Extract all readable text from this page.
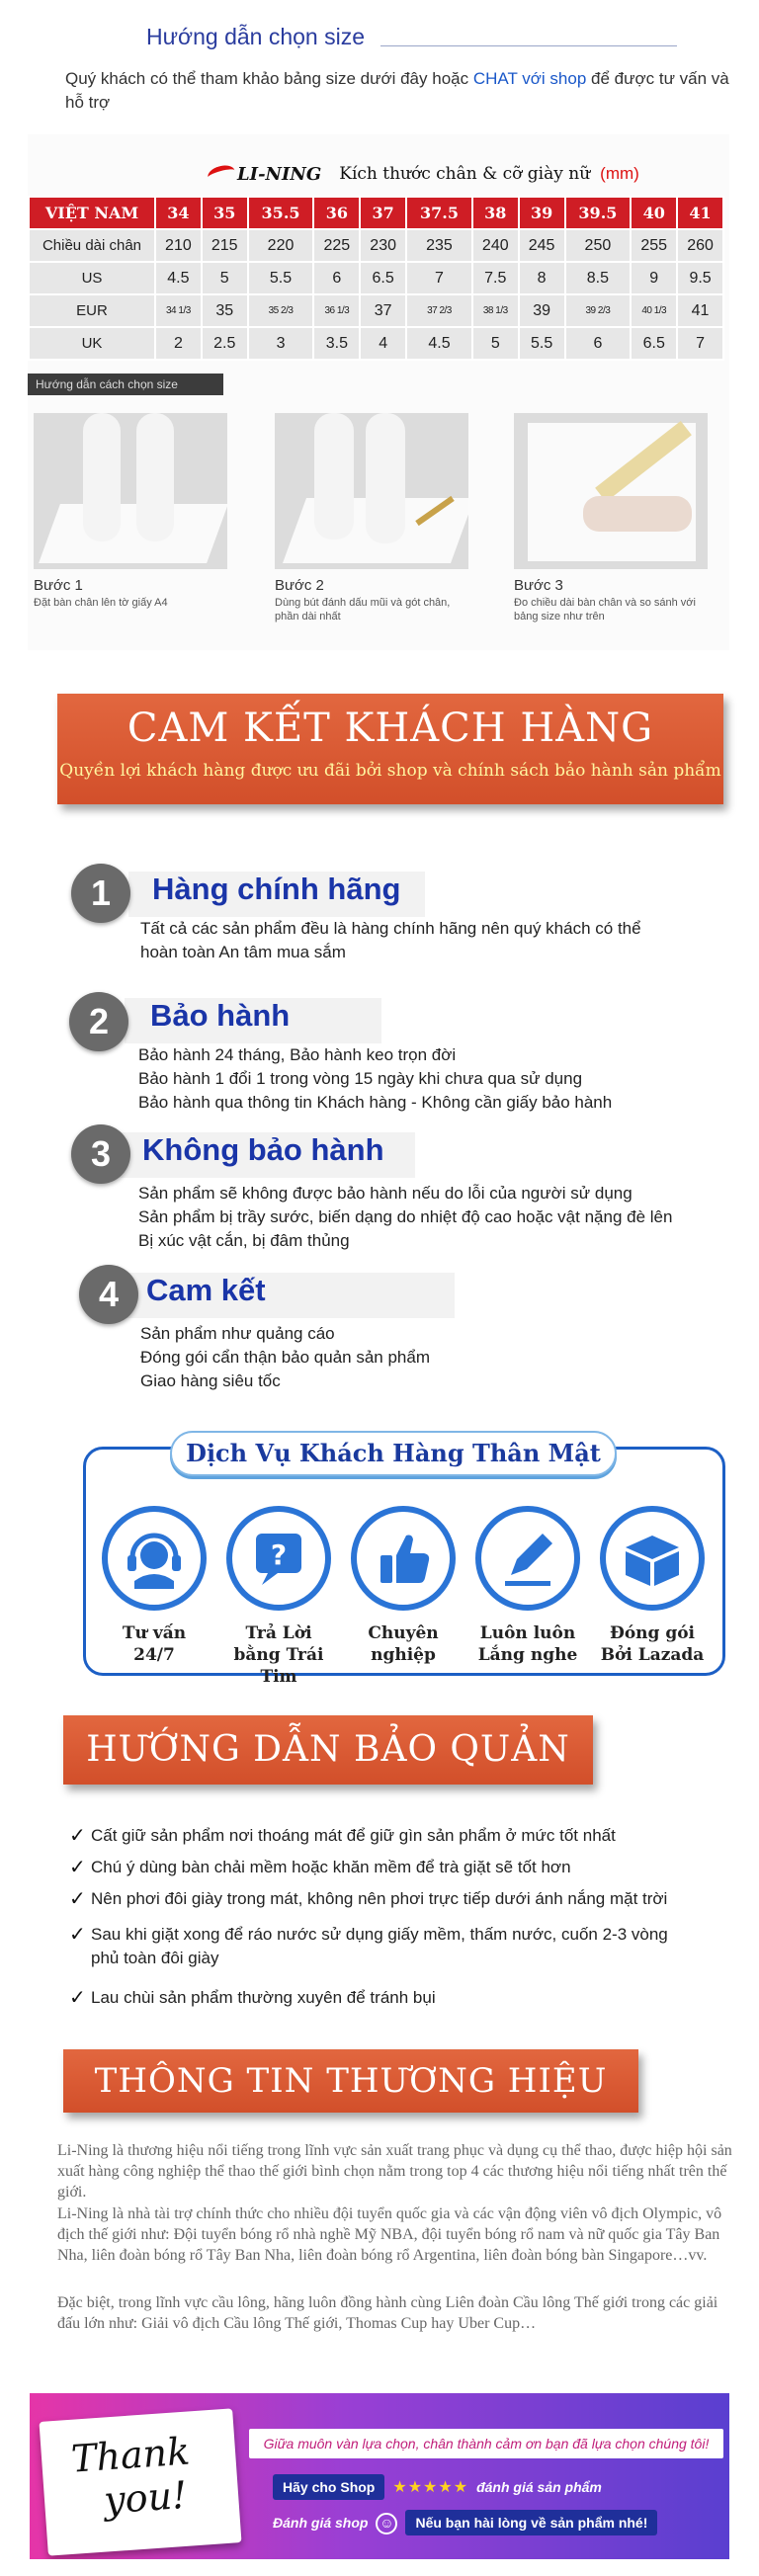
Hướng dẫn chọn size
Quý khách có thể tham khảo bảng size dưới đây hoặc CHAT với shop để được tư vấn và hỗ trợ
LI-NING Kích thước chân & cỡ giày nữ (mm)
VIỆT NAM	34	35	35.5	36	37	37.5	38	39	39.5	40	41
Chiều dài chân	210	215	220	225	230	235	240	245	250	255	260
US	4.5	5	5.5	6	6.5	7	7.5	8	8.5	9	9.5
EUR	34 1/3	35	35 2/3	36 1/3	37	37 2/3	38 1/3	39	39 2/3	40 1/3	41
UK	2	2.5	3	3.5	4	4.5	5	5.5	6	6.5	7
Hướng dẫn cách chọn size
Bước 1
Đặt bàn chân lên tờ giấy A4
Bước 2
Dùng bút đánh dấu mũi và gót chân, phần dài nhất
Bước 3
Đo chiều dài bàn chân và so sánh với bảng size như trên
CAM KẾT KHÁCH HÀNG
Quyền lợi khách hàng được ưu đãi bởi shop và chính sách bảo hành sản phẩm
1	Hàng chính hãng
Tất cả các sản phẩm đều là hàng chính hãng nên quý khách có thể
hoàn toàn An tâm mua sắm
2	Bảo hành
Bảo hành 24 tháng, Bảo hành keo trọn đời
Bảo hành 1 đổi 1 trong vòng 15 ngày khi chưa qua sử dụng
Bảo hành qua thông tin Khách hàng - Không cần giấy bảo hành
3	Không bảo hành
Sản phẩm sẽ không được bảo hành nếu do lỗi của người sử dụng
Sản phẩm bị trầy sước, biến dạng do nhiệt độ cao hoặc vật nặng đè lên
Bị xúc vật cắn, bị đâm thủng
4 Cam kết
Sản phẩm như quảng cáo
Đóng gói cẩn thận bảo quản sản phẩm
Giao hàng siêu tốc
Dịch Vụ Khách Hàng Thân Mật
Tư vấn
24/7
?
Trả Lời
bằng Trái Tim
Chuyên
nghiệp
Luôn luôn
Lắng nghe
Đóng gói
Bởi Lazada
HƯỚNG DẪN BẢO QUẢN
✓ Cất giữ sản phẩm nơi thoáng mát để giữ gìn sản phẩm ở mức tốt nhất
✓ Chú ý dùng bàn chải mềm hoặc khăn mềm để trà giặt sẽ tốt hơn
✓ Nên phơi đôi giày trong mát, không nên phơi trực tiếp dưới ánh nắng mặt trời
✓ Sau khi giặt xong để ráo nước sử dụng giấy mềm, thấm nước, cuốn 2-3 vòng
phủ toàn đôi giày
✓ Lau chùi sản phẩm thường xuyên để tránh bụi
THÔNG TIN THƯƠNG HIỆU
Li-Ning là thương hiệu nổi tiếng trong lĩnh vực sản xuất trang phục và dụng cụ thể thao, được hiệp hội sản
xuất hàng công nghiệp thể thao thế giới bình chọn nằm trong top 4 các thương hiệu nổi tiếng nhất trên thế
giới.
Li-Ning là nhà tài trợ chính thức cho nhiều đội tuyển quốc gia và các vận động viên vô địch Olympic, vô
địch thế giới như: Đội tuyển bóng rổ nhà nghề Mỹ NBA, đội tuyển bóng rổ nam và nữ quốc gia Tây Ban
Nha, liên đoàn bóng rổ Tây Ban Nha, liên đoàn bóng rổ Argentina, liên đoàn bóng bàn Singapore…vv.
Đặc biệt, trong lĩnh vực cầu lông, hãng luôn đồng hành cùng Liên đoàn Cầu lông Thế giới trong các giải
đấu lớn như: Giải vô địch Cầu lông Thế giới, Thomas Cup hay Uber Cup…
Thank
you!
Giữa muôn vàn lựa chọn, chân thành cảm ơn bạn đã lựa chọn chúng tôi!
Hãy cho Shop ★★★★★ đánh giá sản phẩm
Đánh giá shop ☺ Nếu bạn hài lòng về sản phẩm nhé!
